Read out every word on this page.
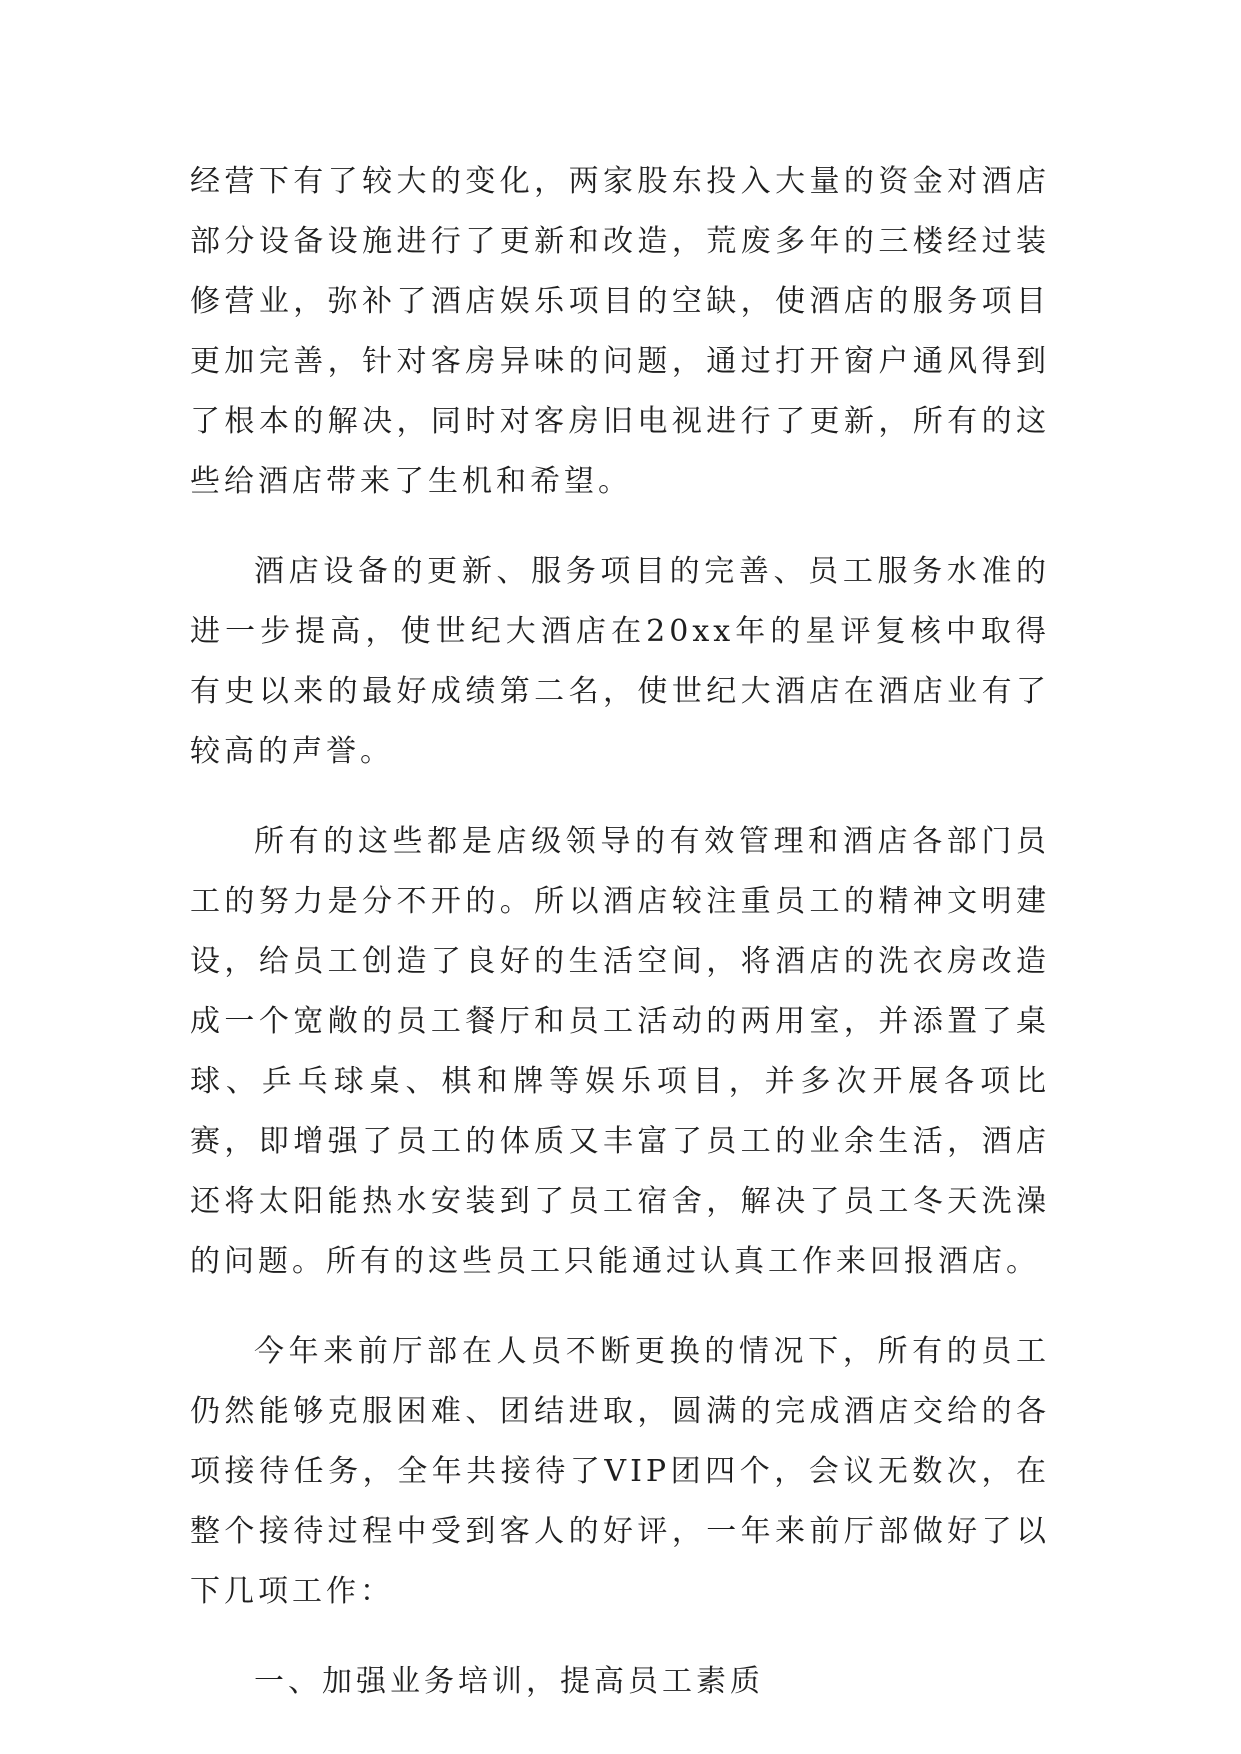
经营下有了较大的变化，两家股东投入大量的资金对酒店部分设备设施进行了更新和改造，荒废多年的三楼经过装修营业，弥补了酒店娱乐项目的空缺，使酒店的服务项目更加完善，针对客房异味的问题，通过打开窗户通风得到了根本的解决，同时对客房旧电视进行了更新，所有的这些给酒店带来了生机和希望。

酒店设备的更新、服务项目的完善、员工服务水准的进一步提高，使世纪大酒店在20xx年的星评复核中取得有史以来的最好成绩第二名，使世纪大酒店在酒店业有了较高的声誉。

所有的这些都是店级领导的有效管理和酒店各部门员工的努力是分不开的。所以酒店较注重员工的精神文明建设，给员工创造了良好的生活空间，将酒店的洗衣房改造成一个宽敞的员工餐厅和员工活动的两用室，并添置了桌球、乒乓球桌、棋和牌等娱乐项目，并多次开展各项比赛，即增强了员工的体质又丰富了员工的业余生活，酒店还将太阳能热水安装到了员工宿舍，解决了员工冬天洗澡的问题。所有的这些员工只能通过认真工作来回报酒店。

今年来前厅部在人员不断更换的情况下，所有的员工仍然能够克服困难、团结进取，圆满的完成酒店交给的各项接待任务，全年共接待了VIP团四个，会议无数次，在整个接待过程中受到客人的好评，一年来前厅部做好了以下几项工作：

一、加强业务培训，提高员工素质
